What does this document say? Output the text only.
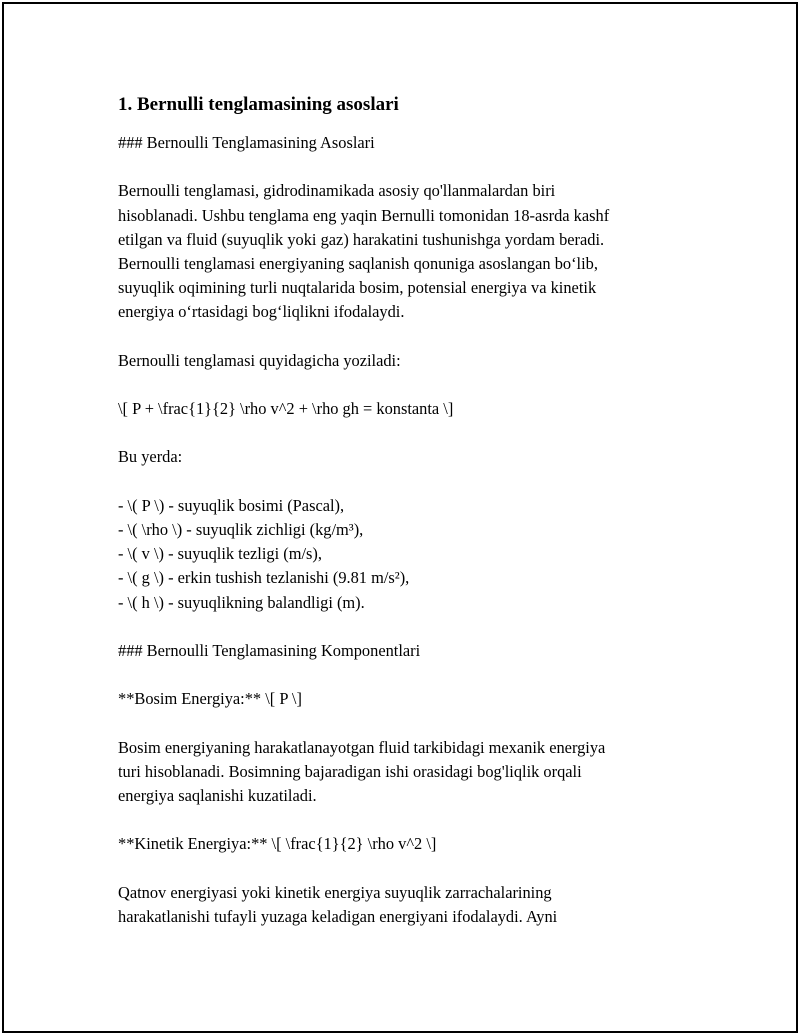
1. Bernulli tenglamasining asoslari
### Bernoulli Tenglamasining Asoslari
Bernoulli tenglamasi, gidrodinamikada asosiy qo'llanmalardan biri
hisoblanadi. Ushbu tenglama eng yaqin Bernulli tomonidan 18-asrda kashf
etilgan va fluid (suyuqlik yoki gaz) harakatini tushunishga yordam beradi.
Bernoulli tenglamasi energiyaning saqlanish qonuniga asoslangan bo‘lib,
suyuqlik oqimining turli nuqtalarida bosim, potensial energiya va kinetik
energiya o‘rtasidagi bog‘liqlikni ifodalaydi.
Bernoulli tenglamasi quyidagicha yoziladi:
\[ P + \frac{1}{2} \rho v^2 + \rho gh = konstanta \]
Bu yerda:
- \( P \) - suyuqlik bosimi (Pascal),
- \( \rho \) - suyuqlik zichligi (kg/m³),
- \( v \) - suyuqlik tezligi (m/s),
- \( g \) - erkin tushish tezlanishi (9.81 m/s²),
- \( h \) - suyuqlikning balandligi (m).
### Bernoulli Tenglamasining Komponentlari
**Bosim Energiya:** \[ P \]
Bosim energiyaning harakatlanayotgan fluid tarkibidagi mexanik energiya
turi hisoblanadi. Bosimning bajaradigan ishi orasidagi bog'liqlik orqali
energiya saqlanishi kuzatiladi.
**Kinetik Energiya:** \[ \frac{1}{2} \rho v^2 \]
Qatnov energiyasi yoki kinetik energiya suyuqlik zarrachalarining
harakatlanishi tufayli yuzaga keladigan energiyani ifodalaydi. Ayni
